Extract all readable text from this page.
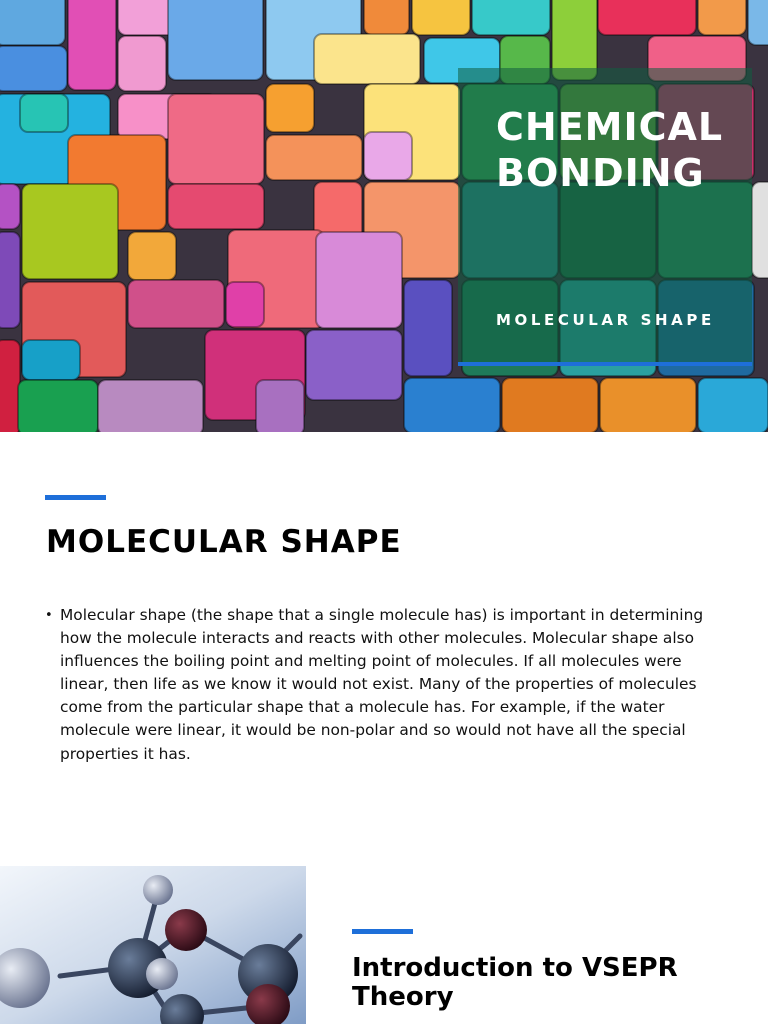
CHEMICAL
BONDING

MOLECULAR SHAPE

MOLECULAR SHAPE
• Molecular shape (the shape that a single molecule has) is important in determining how the molecule interacts and reacts with other molecules. Molecular shape also influences the boiling point and melting point of molecules. If all molecules were linear, then life as we know it would not exist. Many of the properties of molecules come from the particular shape that a molecule has. For example, if the water molecule were linear, it would be non-polar and so would not have all the special properties it has.
Introduction to VSEPR Theory
